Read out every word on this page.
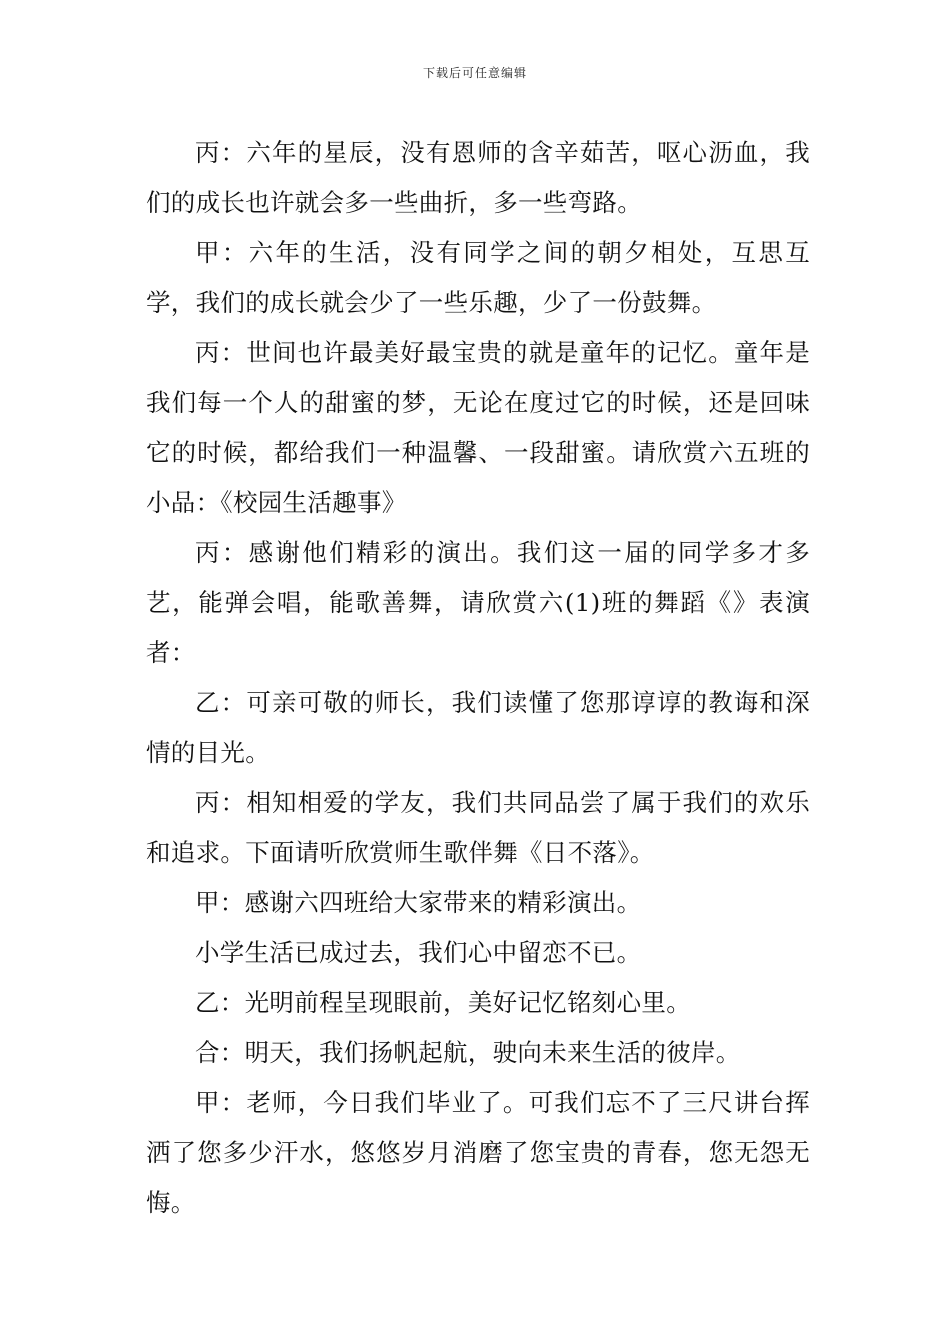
下载后可任意编辑

丙：六年的星辰，没有恩师的含辛茹苦，呕心沥血，我们的成长也许就会多一些曲折，多一些弯路。

甲：六年的生活，没有同学之间的朝夕相处，互思互学，我们的成长就会少了一些乐趣，少了一份鼓舞。

丙：世间也许最美好最宝贵的就是童年的记忆。童年是我们每一个人的甜蜜的梦，无论在度过它的时候，还是回味它的时候，都给我们一种温馨、一段甜蜜。请欣赏六五班的小品：《校园生活趣事》

丙：感谢他们精彩的演出。我们这一届的同学多才多艺，能弹会唱，能歌善舞，请欣赏六(1)班的舞蹈《》表演者：

乙：可亲可敬的师长，我们读懂了您那谆谆的教诲和深情的目光。

丙：相知相爱的学友，我们共同品尝了属于我们的欢乐和追求。下面请听欣赏师生歌伴舞《日不落》。

甲：感谢六四班给大家带来的精彩演出。

小学生活已成过去，我们心中留恋不已。

乙：光明前程呈现眼前，美好记忆铭刻心里。

合：明天，我们扬帆起航，驶向未来生活的彼岸。

甲：老师，今日我们毕业了。可我们忘不了三尺讲台挥洒了您多少汗水，悠悠岁月消磨了您宝贵的青春，您无怨无悔。
